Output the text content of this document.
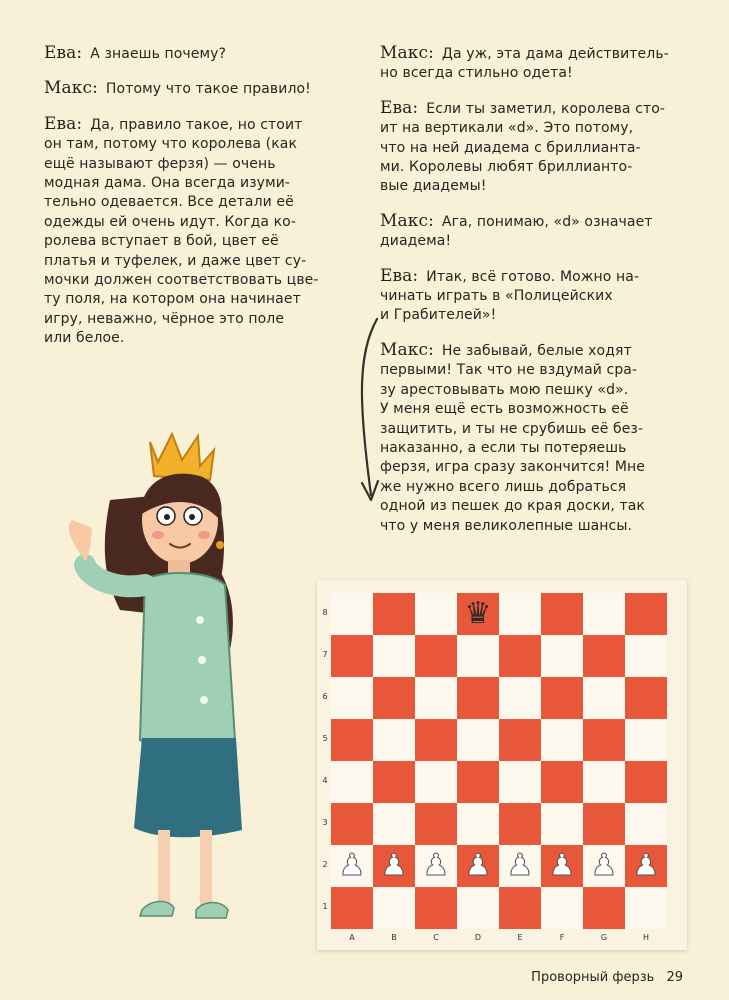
Ева: А знаешь почему?

Макс: Потому что такое правило!

Ева: Да, правило такое, но стоит
он там, потому что королева (как
ещё называют ферзя) — очень
модная дама. Она всегда изуми-
тельно одевается. Все детали её
одежды ей очень идут. Когда ко-
ролева вступает в бой, цвет её
платья и туфелек, и даже цвет су-
мочки должен соответствовать цве-
ту поля, на котором она начинает
игру, неважно, чёрное это поле
или белое.

Макс: Да уж, эта дама действитель-
но всегда стильно одета!

Ева: Если ты заметил, королева сто-
ит на вертикали «d». Это потому,
что на ней диадема с бриллианта-
ми. Королевы любят бриллианто-
вые диадемы!

Макс: Ага, понимаю, «d» означает
диадема!

Ева: Итак, всё готово. Можно на-
чинать играть в «Полицейских
и Грабителей»!

Макс: Не забывай, белые ходят
первыми! Так что не вздумай сра-
зу арестовывать мою пешку «d».
У меня ещё есть возможность её
защитить, и ты не срубишь её без-
наказанно, а если ты потеряешь
ферзя, игра сразу закончится! Мне
же нужно всего лишь добраться
одной из пешек до края доски, так
что у меня великолепные шансы.

♛
♟ ♟ ♟ ♟ ♟ ♟ ♟ ♟
8
7
6
5
4
3
2
1
A	B	C	D	E	F	G	H
Проворный ферзь 29
